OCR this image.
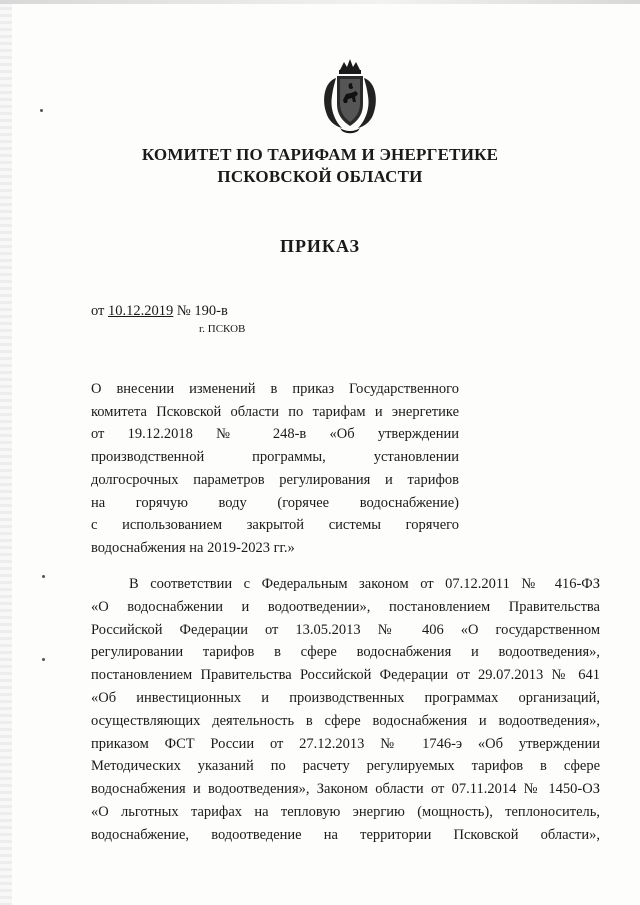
КОМИТЕТ ПО ТАРИФАМ И ЭНЕРГЕТИКЕ
ПСКОВСКОЙ ОБЛАСТИ
ПРИКАЗ
от 10.12.2019 № 190-в
г. ПСКОВ
О внесении изменений в приказ Государственного
комитета Псковской области по тарифам и энергетике
от 19.12.2018 № 248-в «Об утверждении
производственной программы, установлении
долгосрочных параметров регулирования и тарифов
на горячую воду (горячее водоснабжение)
с использованием закрытой системы горячего
водоснабжения на 2019-2023 гг.»
В соответствии с Федеральным законом от 07.12.2011 № 416-ФЗ
«О водоснабжении и водоотведении», постановлением Правительства
Российской Федерации от 13.05.2013 № 406 «О государственном
регулировании тарифов в сфере водоснабжения и водоотведения»,
постановлением Правительства Российской Федерации от 29.07.2013 № 641
«Об инвестиционных и производственных программах организаций,
осуществляющих деятельность в сфере водоснабжения и водоотведения»,
приказом ФСТ России от 27.12.2013 № 1746-э «Об утверждении
Методических указаний по расчету регулируемых тарифов в сфере
водоснабжения и водоотведения», Законом области от 07.11.2014 № 1450-ОЗ
«О льготных тарифах на тепловую энергию (мощность), теплоноситель,
водоснабжение, водоотведение на территории Псковской области»,
